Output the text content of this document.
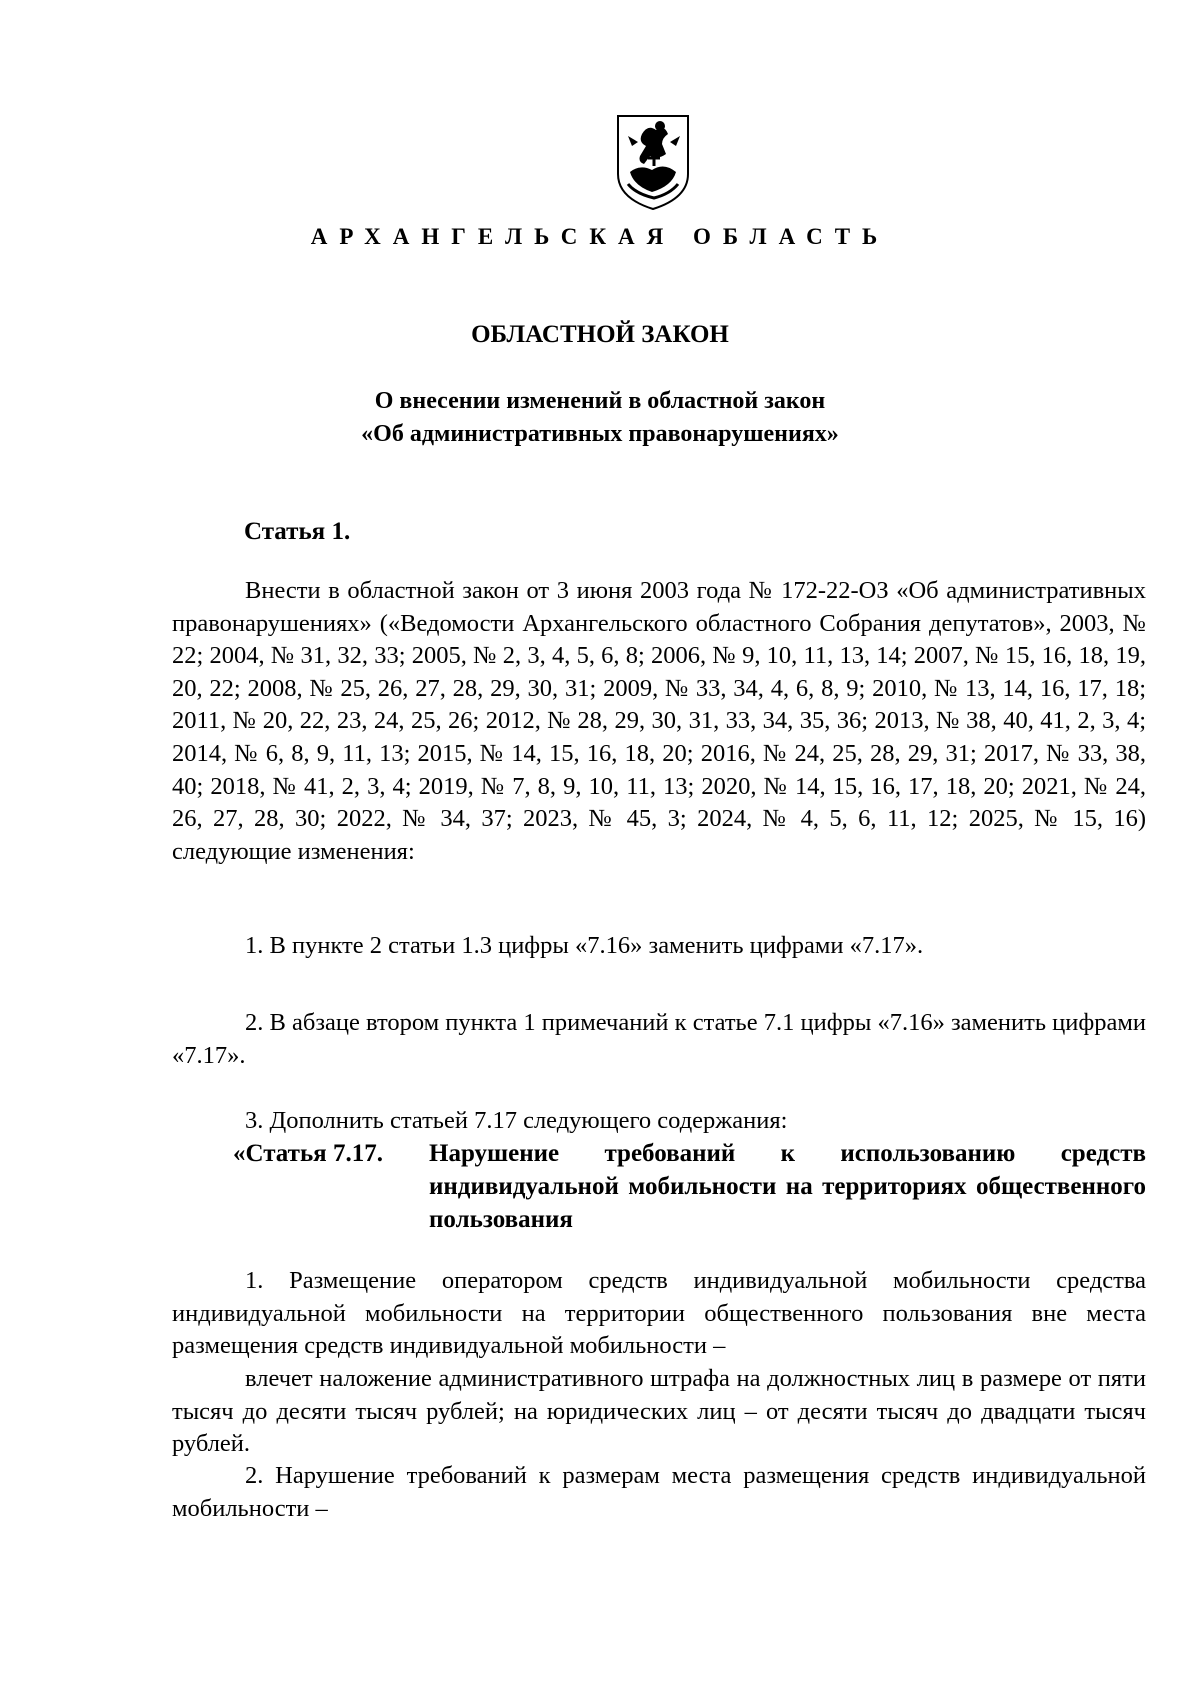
АРХАНГЕЛЬСКАЯ ОБЛАСТЬ
ОБЛАСТНОЙ ЗАКОН
О внесении изменений в областной закон
«Об административных правонарушениях»
Статья 1.
Внести в областной закон от 3 июня 2003 года № 172-22-ОЗ «Об административных правонарушениях» («Ведомости Архангельского областного Собрания депутатов», 2003, № 22; 2004, № 31, 32, 33; 2005, № 2, 3, 4, 5, 6, 8; 2006, № 9, 10, 11, 13, 14; 2007, № 15, 16, 18, 19, 20, 22; 2008, № 25, 26, 27, 28, 29, 30, 31; 2009, № 33, 34, 4, 6, 8, 9; 2010, № 13, 14, 16, 17, 18; 2011, № 20, 22, 23, 24, 25, 26; 2012, № 28, 29, 30, 31, 33, 34, 35, 36; 2013, № 38, 40, 41, 2, 3, 4; 2014, № 6, 8, 9, 11, 13; 2015, № 14, 15, 16, 18, 20; 2016, № 24, 25, 28, 29, 31; 2017, № 33, 38, 40; 2018, № 41, 2, 3, 4; 2019, № 7, 8, 9, 10, 11, 13; 2020, № 14, 15, 16, 17, 18, 20; 2021, № 24, 26, 27, 28, 30; 2022, № 34, 37; 2023, № 45, 3; 2024, № 4, 5, 6, 11, 12; 2025, № 15, 16) следующие изменения:
1. В пункте 2 статьи 1.3 цифры «7.16» заменить цифрами «7.17».
2. В абзаце втором пункта 1 примечаний к статье 7.1 цифры «7.16» заменить цифрами «7.17».
3. Дополнить статьей 7.17 следующего содержания:
«Статья 7.17.	Нарушение требований к использованию средств индивидуальной мобильности на территориях общественного пользования
1. Размещение оператором средств индивидуальной мобильности средства индивидуальной мобильности на территории общественного пользования вне места размещения средств индивидуальной мобильности –
влечет наложение административного штрафа на должностных лиц в размере от пяти тысяч до десяти тысяч рублей; на юридических лиц – от десяти тысяч до двадцати тысяч рублей.
2. Нарушение требований к размерам места размещения средств индивидуальной мобильности –
